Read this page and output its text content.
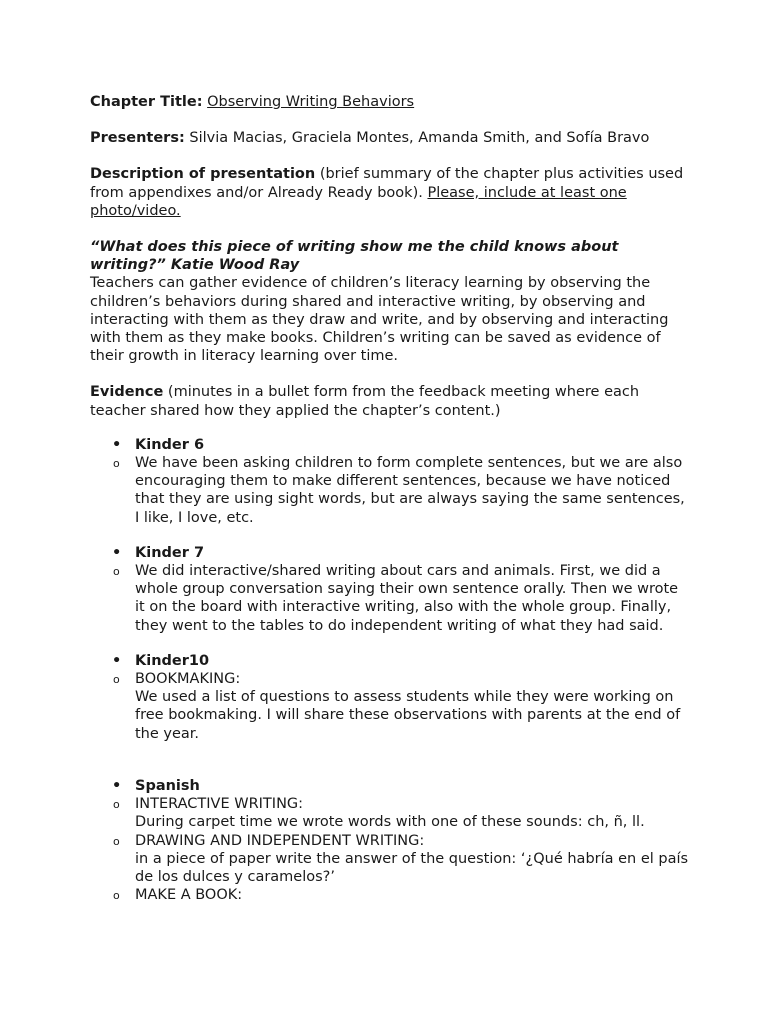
Chapter Title: Observing Writing Behaviors

Presenters: Silvia Macias, Graciela Montes, Amanda Smith, and Sofía Bravo

Description of presentation (brief summary of the chapter plus activities used from appendixes and/or Already Ready book). Please, include at least one photo/video.

“What does this piece of writing show me the child knows about writing?” Katie Wood Ray

Teachers can gather evidence of children’s literacy learning by observing the children’s behaviors during shared and interactive writing, by observing and interacting with them as they draw and write, and by observing and interacting with them as they make books. Children’s writing can be saved as evidence of their growth in literacy learning over time.

Evidence (minutes in a bullet form from the feedback meeting where each teacher shared how they applied the chapter’s content.)

• Kinder 6
o We have been asking children to form complete sentences, but we are also encouraging them to make different sentences, because we have noticed that they are using sight words, but are always saying the same sentences, I like, I love, etc.
• Kinder 7
o We did interactive/shared writing about cars and animals. First, we did a whole group conversation saying their own sentence orally. Then we wrote it on the board with interactive writing, also with the whole group. Finally, they went to the tables to do independent writing of what they had said.
• Kinder10
o BOOKMAKING:

We used a list of questions to assess students while they were working on free bookmaking. I will share these observations with parents at the end of the year.

• Spanish
o INTERACTIVE WRITING:

During carpet time we wrote words with one of these sounds: ch, ñ, ll.

o DRAWING AND INDEPENDENT WRITING:

in a piece of paper write the answer of the question: ‘¿Qué habría en el país de los dulces y caramelos?’

o MAKE A BOOK:
